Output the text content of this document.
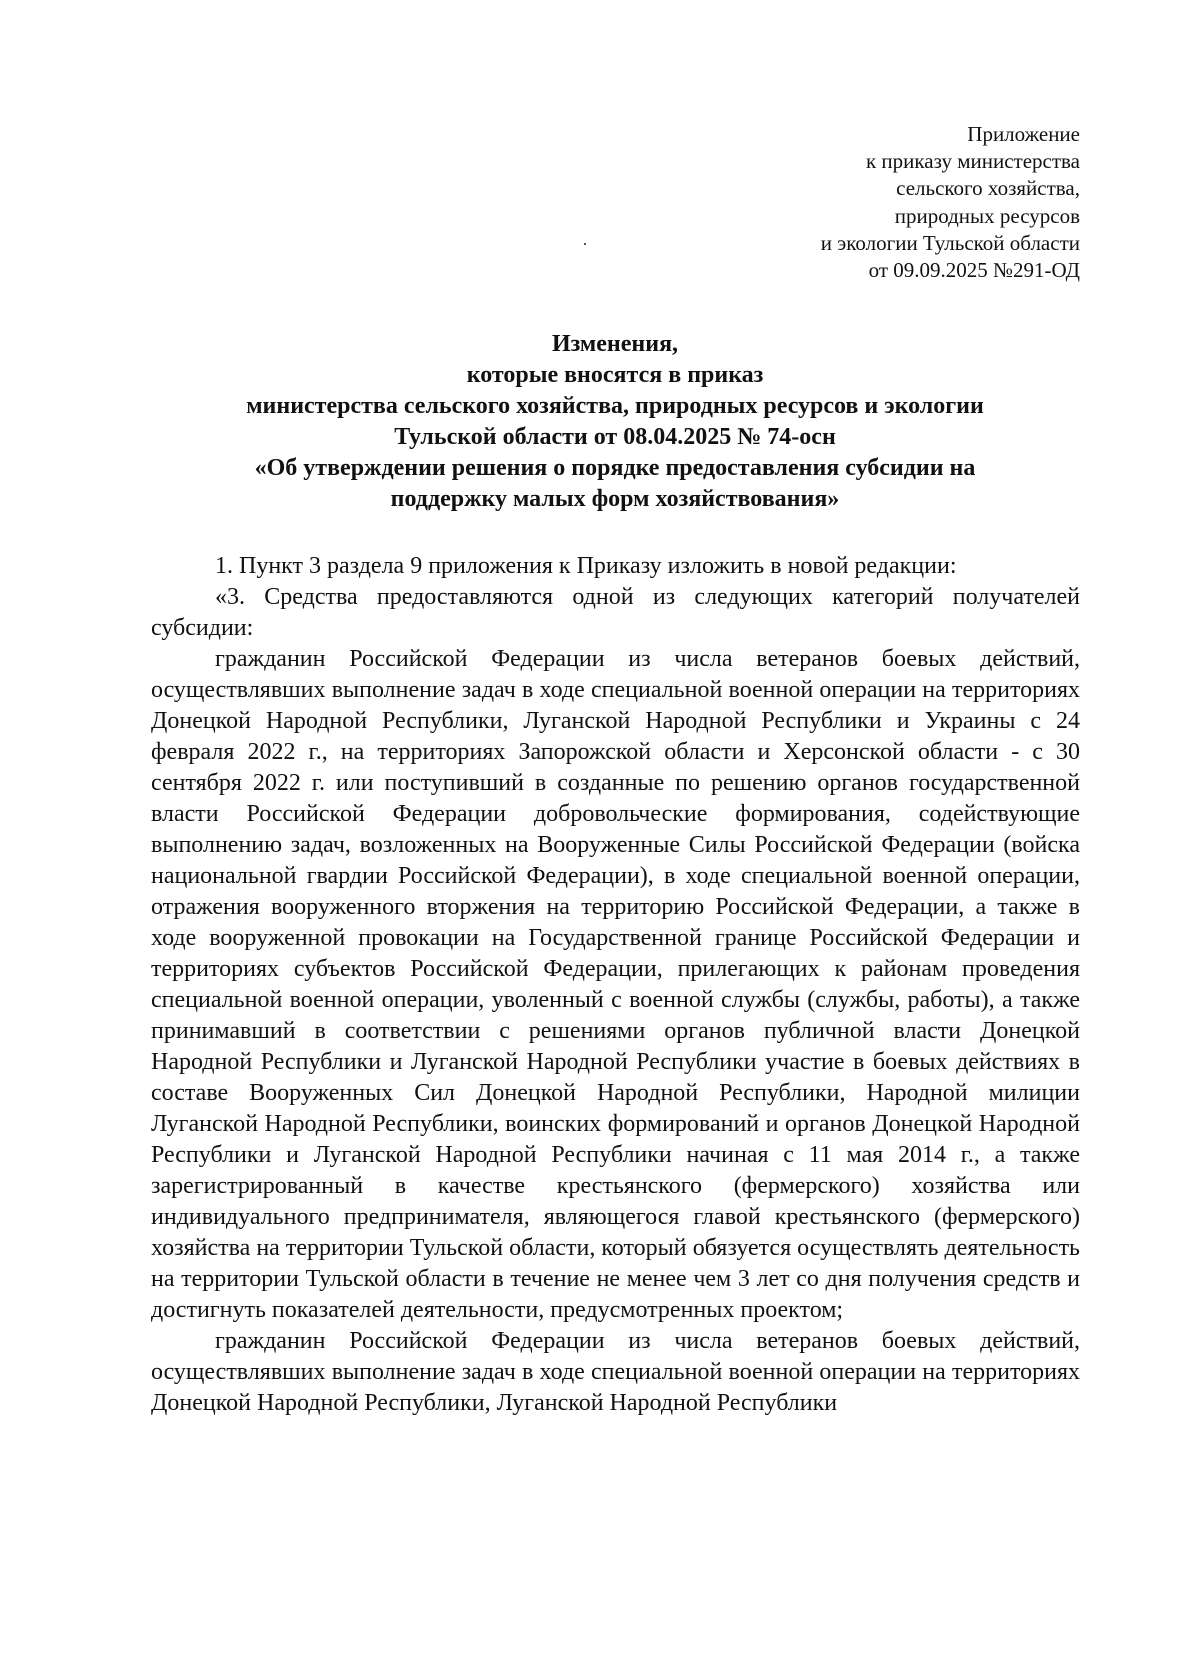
Приложение
к приказу министерства
сельского хозяйства,
природных ресурсов
и экологии Тульской области
от 09.09.2025 №291-ОД
Изменения,
которые вносятся в приказ
министерства сельского хозяйства, природных ресурсов и экологии
Тульской области от 08.04.2025 № 74-осн
«Об утверждении решения о порядке предоставления субсидии на
поддержку малых форм хозяйствования»

1. Пункт 3 раздела 9 приложения к Приказу изложить в новой редакции:

«3. Средства предоставляются одной из следующих категорий получателей субсидии:

гражданин Российской Федерации из числа ветеранов боевых действий, осуществлявших выполнение задач в ходе специальной военной операции на территориях Донецкой Народной Республики, Луганской Народной Республики и Украины с 24 февраля 2022 г., на территориях Запорожской области и Херсонской области - с 30 сентября 2022 г. или поступивший в созданные по решению органов государственной власти Российской Федерации добровольческие формирования, содействующие выполнению задач, возложенных на Вооруженные Силы Российской Федерации (войска национальной гвардии Российской Федерации), в ходе специальной военной операции, отражения вооруженного вторжения на территорию Российской Федерации, а также в ходе вооруженной провокации на Государственной границе Российской Федерации и территориях субъектов Российской Федерации, прилегающих к районам проведения специальной военной операции, уволенный с военной службы (службы, работы), а также принимавший в соответствии с решениями органов публичной власти Донецкой Народной Республики и Луганской Народной Республики участие в боевых действиях в составе Вооруженных Сил Донецкой Народной Республики, Народной милиции Луганской Народной Республики, воинских формирований и органов Донецкой Народной Республики и Луганской Народной Республики начиная с 11 мая 2014 г., а также зарегистрированный в качестве крестьянского (фермерского) хозяйства или индивидуального предпринимателя, являющегося главой крестьянского (фермерского) хозяйства на территории Тульской области, который обязуется осуществлять деятельность на территории Тульской области в течение не менее чем 3 лет со дня получения средств и достигнуть показателей деятельности, предусмотренных проектом;

гражданин Российской Федерации из числа ветеранов боевых действий, осуществлявших выполнение задач в ходе специальной военной операции на территориях Донецкой Народной Республики, Луганской Народной Республики
